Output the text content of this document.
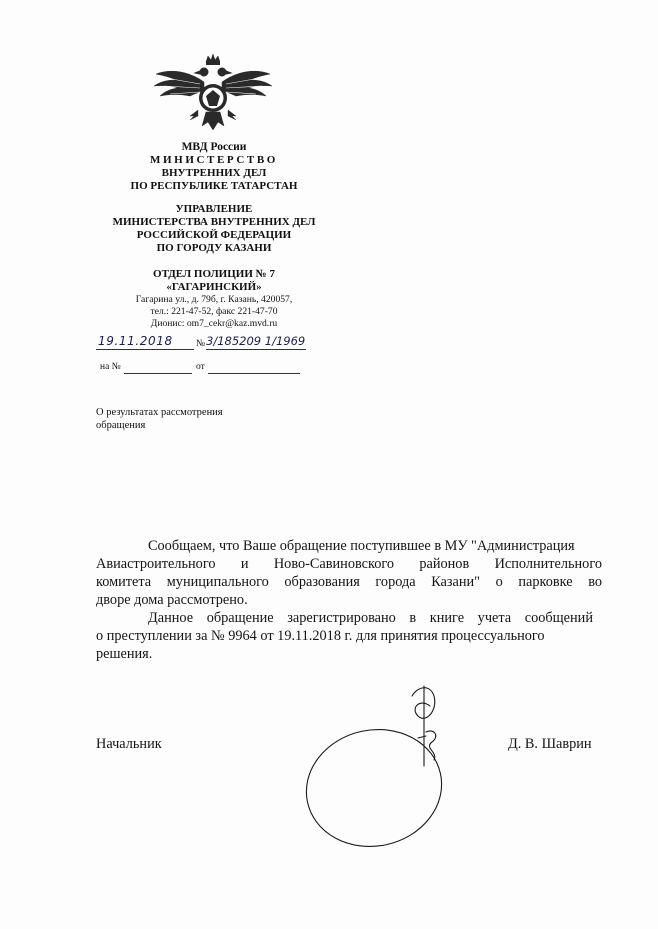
МВД России
МИНИСТЕРСТВО
ВНУТРЕННИХ ДЕЛ
ПО РЕСПУБЛИКЕ ТАТАРСТАН
УПРАВЛЕНИЕ
МИНИСТЕРСТВА ВНУТРЕННИХ ДЕЛ
РОССИЙСКОЙ ФЕДЕРАЦИИ
ПО ГОРОДУ КАЗАНИ
ОТДЕЛ ПОЛИЦИИ № 7
«ГАГАРИНСКИЙ»
Гагарина ул., д. 79б, г. Казань, 420057,
тел.: 221-47-52, факс 221-47-70
Дионис: om7_cekr@kaz.mvd.ru
19.11.2018 № 3/185209 1/1969
на №	от
О результатах рассмотрения
обращения
Сообщаем, что Ваше обращение поступившее в МУ "Администрация
Авиастроительного и Ново-Савиновского районов Исполнительного
комитета муниципального образования города Казани" о парковке во
дворе дома рассмотрено.
Данное обращение зарегистрировано в книге учета сообщений
о преступлении за № 9964 от 19.11.2018 г. для принятия процессуального
решения.
Начальник	Д. В. Шаврин
